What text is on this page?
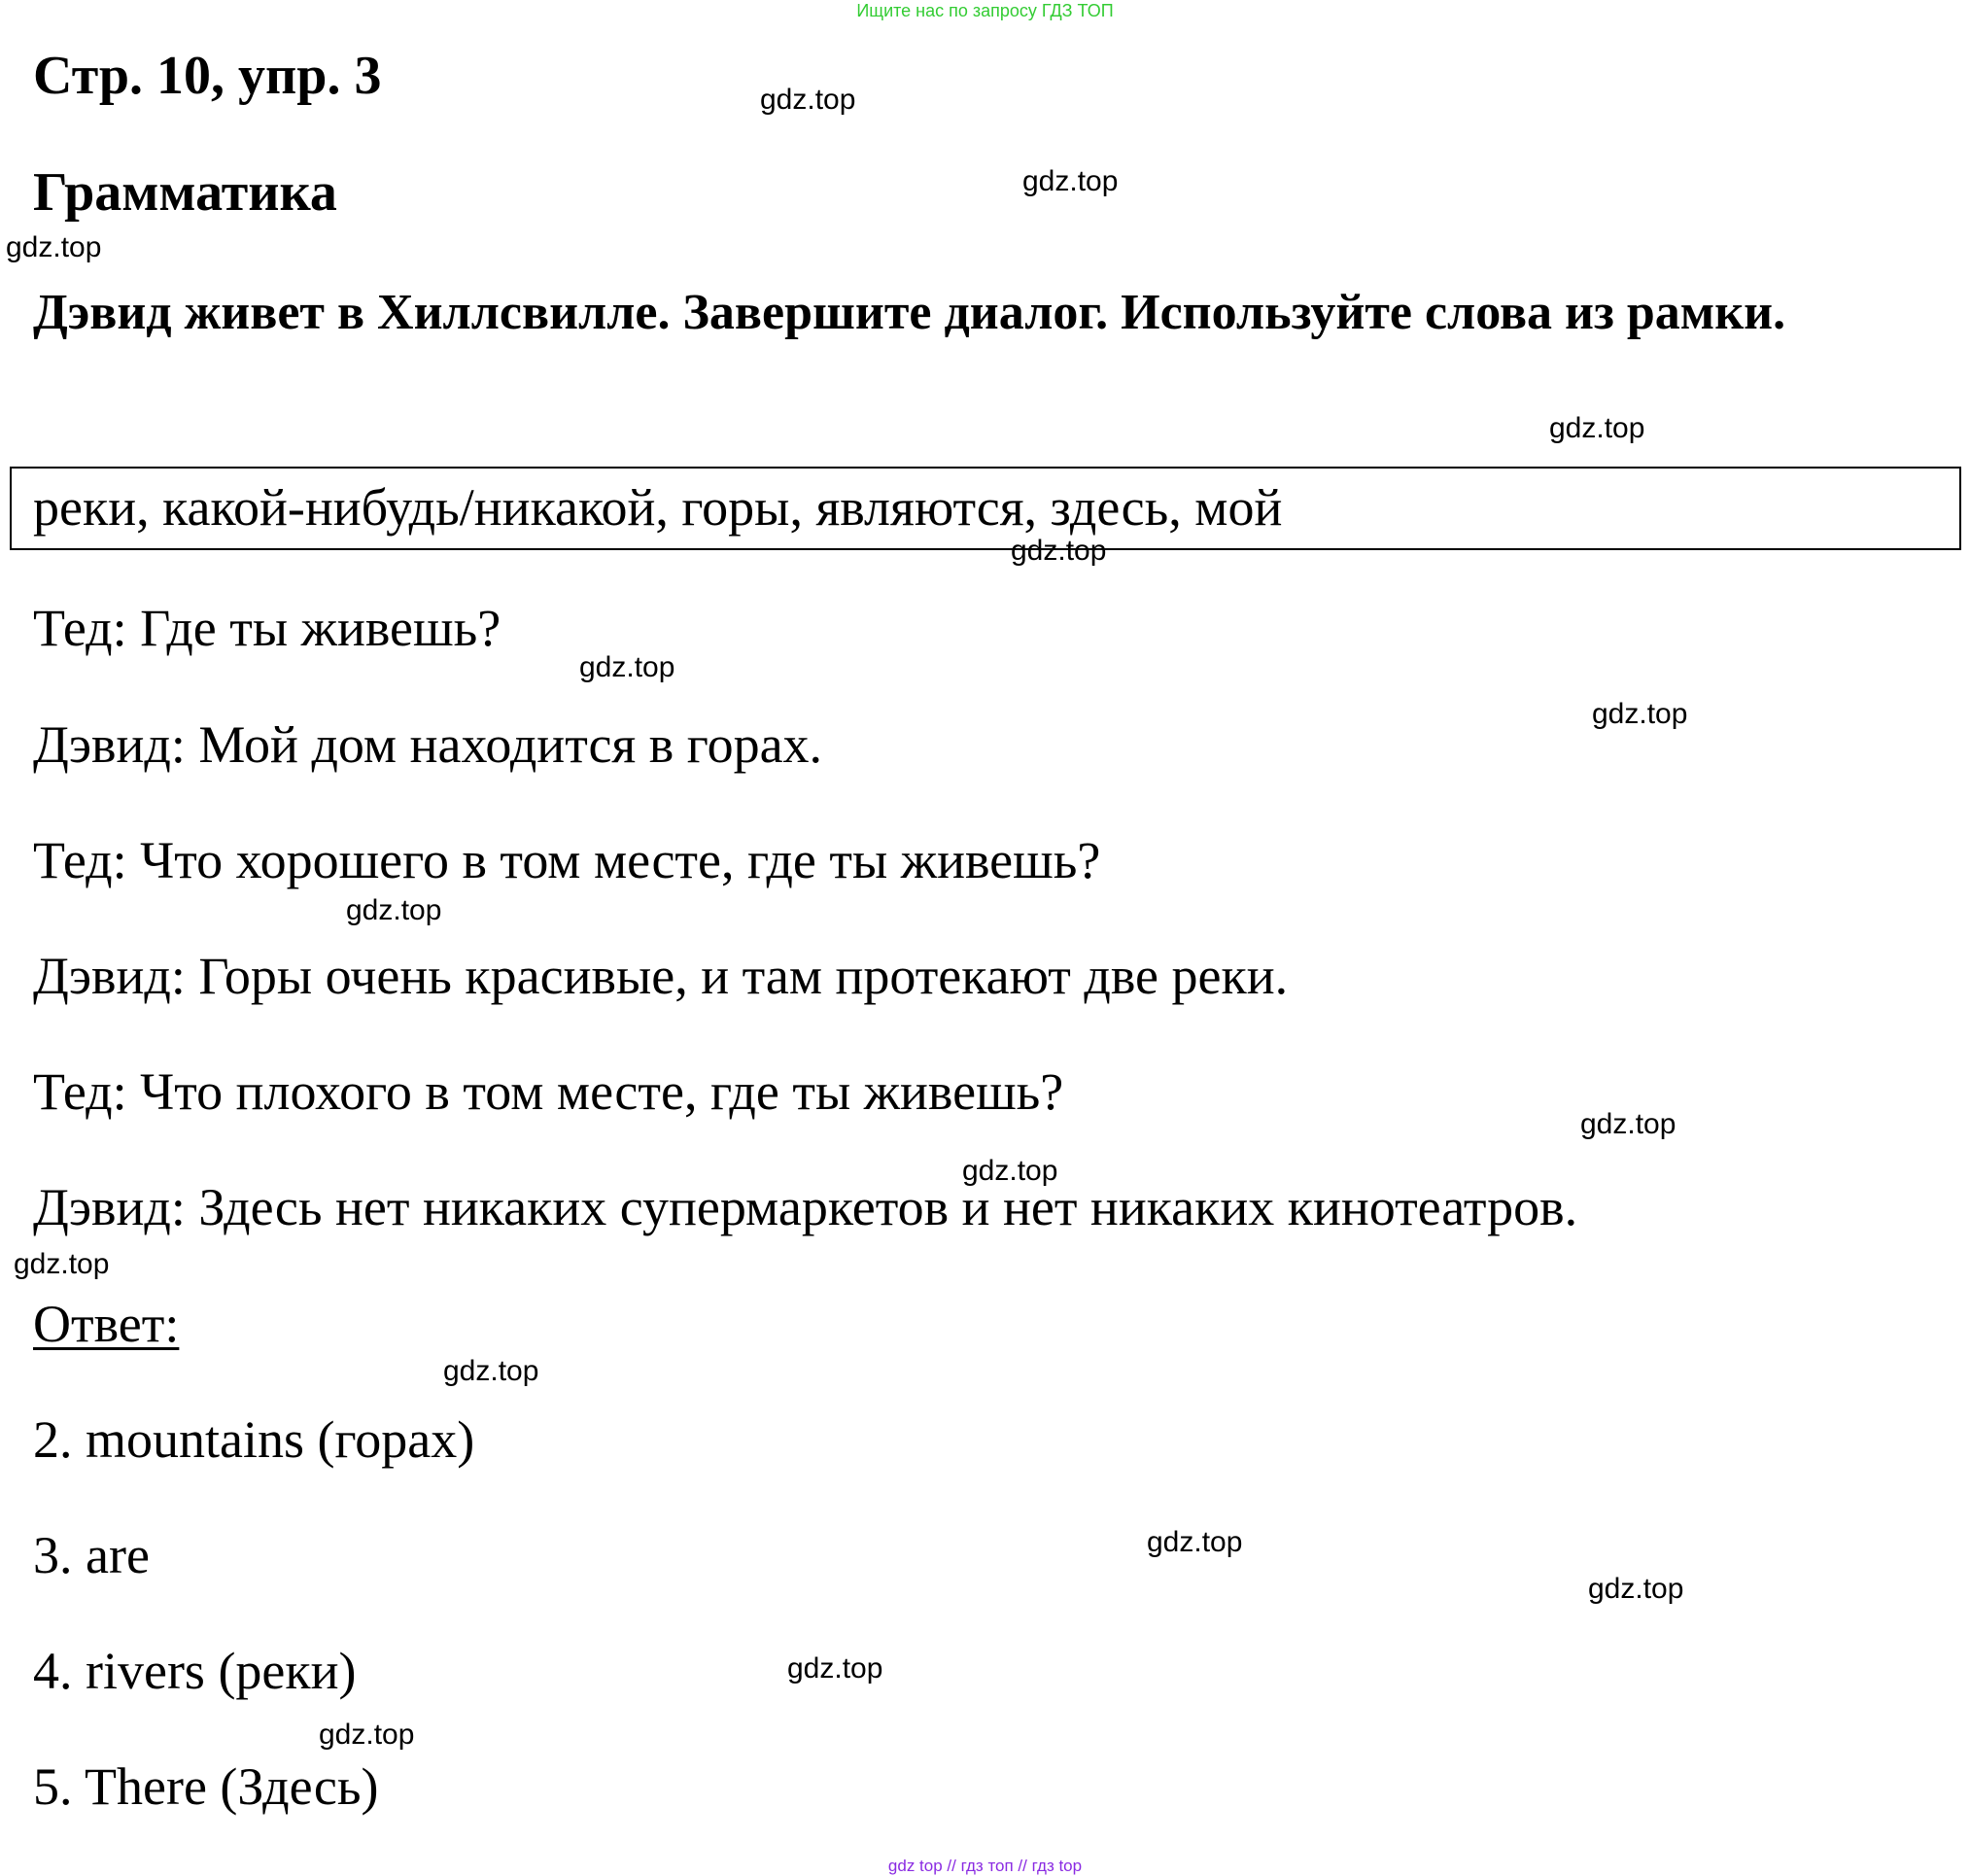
Ищите нас по запросу ГДЗ ТОП
Стр. 10, упр. 3
Грамматика
Дэвид живет в Хиллсвилле. Завершите диалог. Используйте слова из рамки.
реки, какой-нибудь/никакой, горы, являются, здесь, мой
Тед: Где ты живешь?
Дэвид: Мой дом находится в горах.
Тед: Что хорошего в том месте, где ты живешь?
Дэвид: Горы очень красивые, и там протекают две реки.
Тед: Что плохого в том месте, где ты живешь?
Дэвид: Здесь нет никаких супермаркетов и нет никаких кинотеатров.
Ответ:
2. mountains (горах)
3. are
4. rivers (реки)
5. There (Здесь)
gdz.top
gdz.top
gdz.top
gdz.top
gdz.top
gdz.top
gdz.top
gdz.top
gdz.top
gdz.top
gdz.top
gdz.top
gdz.top
gdz.top
gdz.top
gdz.top
gdz top // гдз топ // гдз top
